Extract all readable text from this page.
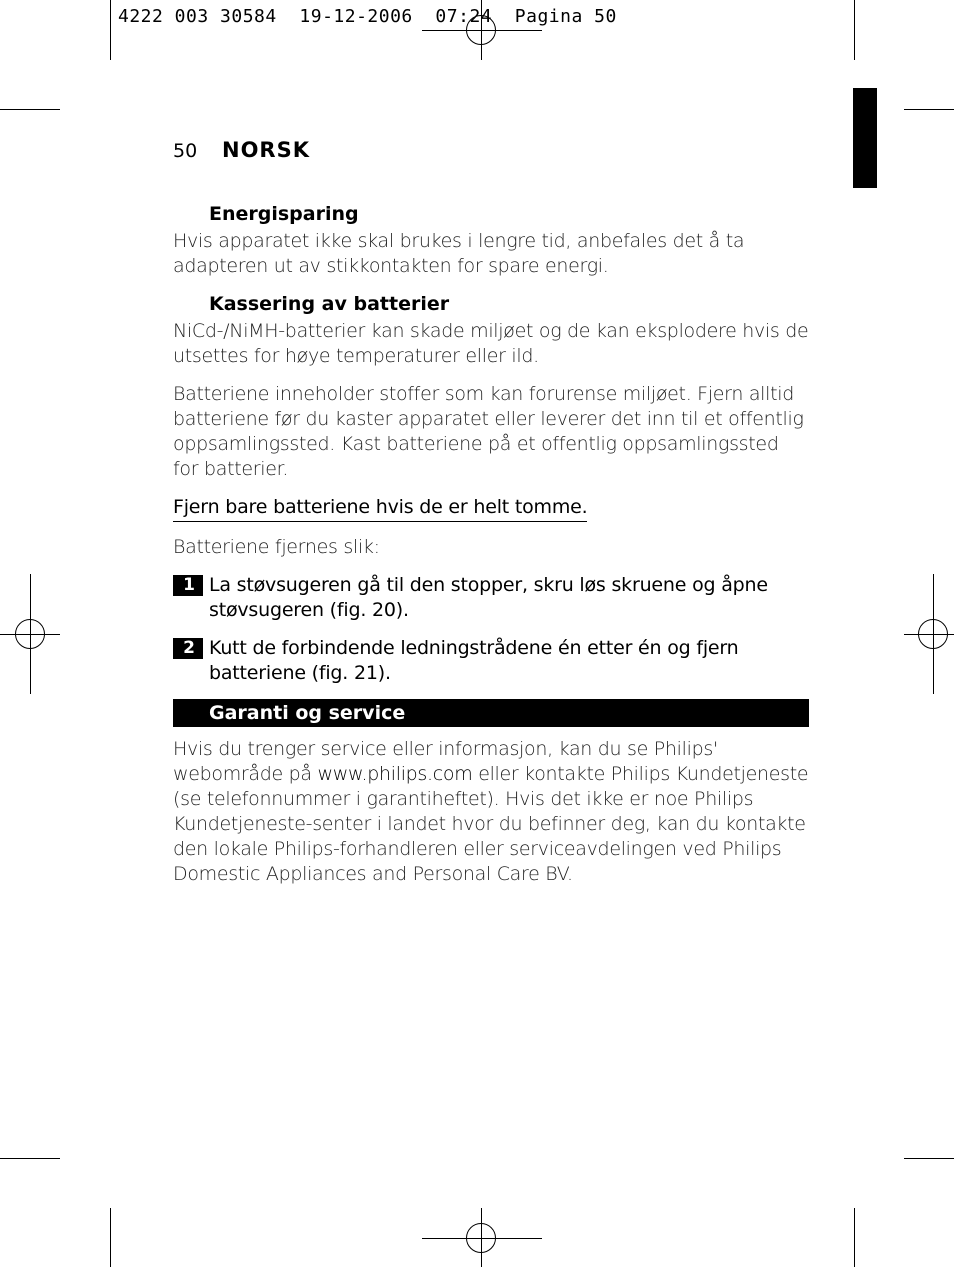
4222 003 30584  19-12-2006  07:24  Pagina 50
50 NORSK
Energisparing

Hvis apparatet ikke skal brukes i lengre tid, anbefales det å ta adapteren ut av stikkontakten for spare energi.

Kassering av batterier

NiCd-/NiMH-batterier kan skade miljøet og de kan eksplodere hvis de utsettes for høye temperaturer eller ild.

Batteriene inneholder stoffer som kan forurense miljøet. Fjern alltid batteriene før du kaster apparatet eller leverer det inn til et offentlig oppsamlingssted. Kast batteriene på et offentlig oppsamlingssted for batterier.

Fjern bare batteriene hvis de er helt tomme.

Batteriene fjernes slik:

1 La støvsugeren gå til den stopper, skru løs skruene og åpne støvsugeren (fig. 20).
2 Kutt de forbindende ledningstrådene én etter én og fjern batteriene (fig. 21).
Garanti og service

Hvis du trenger service eller informasjon, kan du se Philips' webområde på www.philips.com eller kontakte Philips Kundetjeneste (se telefonnummer i garantiheftet). Hvis det ikke er noe Philips Kundetjeneste-senter i landet hvor du befinner deg, kan du kontakte den lokale Philips-forhandleren eller serviceavdelingen ved Philips Domestic Appliances and Personal Care BV.
